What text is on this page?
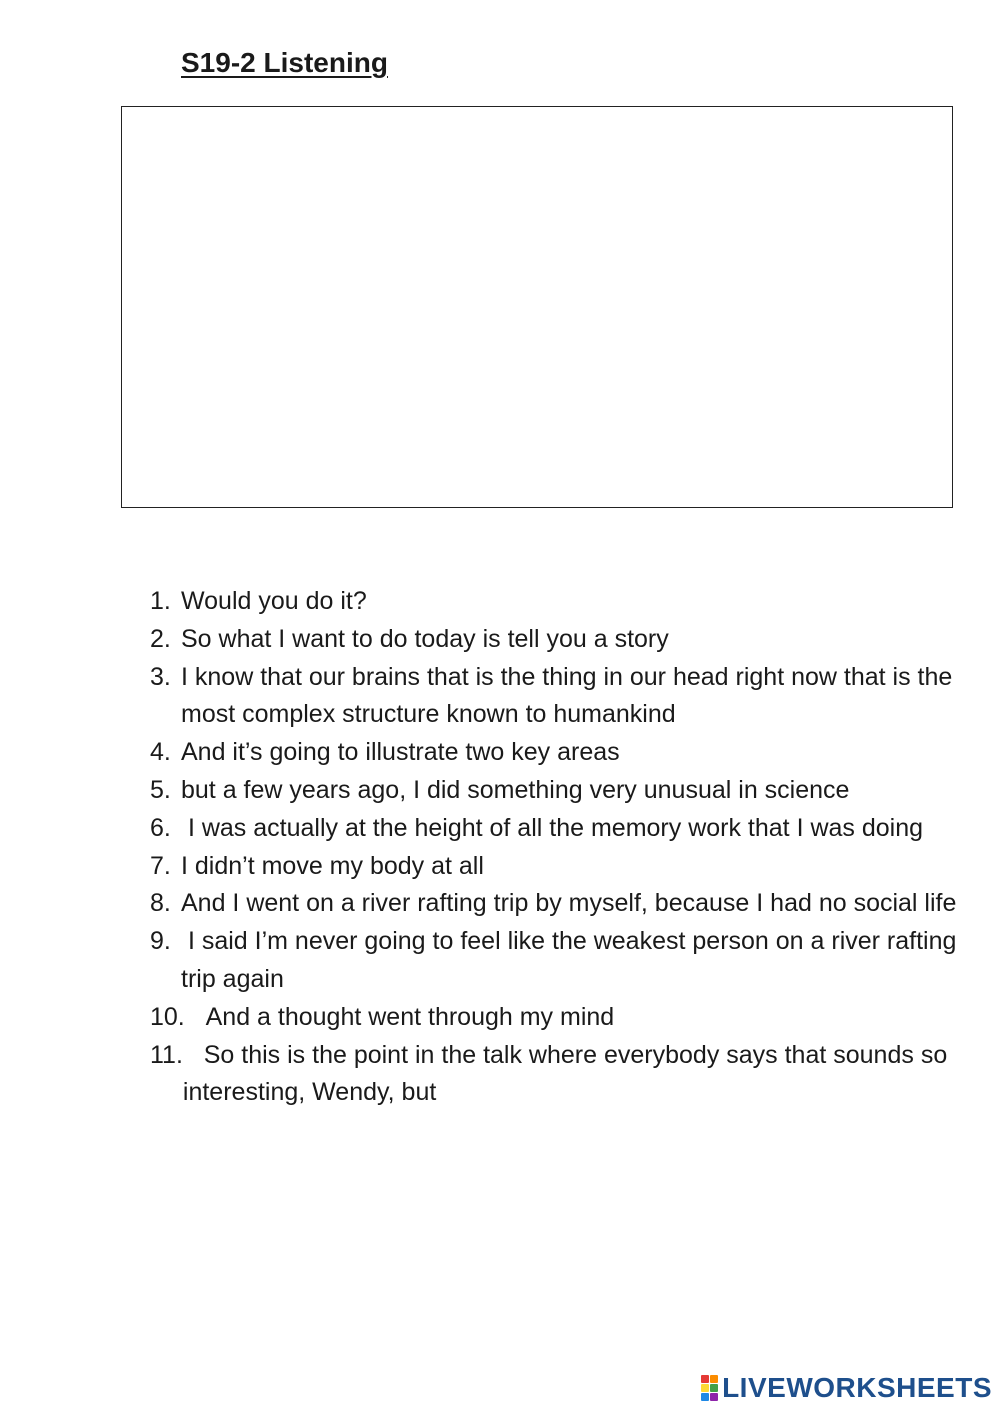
S19-2 Listening
1. Would you do it?
2. So what I want to do today is tell you a story
3. I know that our brains that is the thing in our head right now that is the most complex structure known to humankind
4. And it’s going to illustrate two key areas
5. but a few years ago, I did something very unusual in science
6. I was actually at the height of all the memory work that I was doing
7. I didn’t move my body at all
8. And I went on a river rafting trip by myself, because I had no social life
9. I said I’m never going to feel like the weakest person on a river rafting trip again
10. And a thought went through my mind
11. So this is the point in the talk where everybody says that sounds so interesting, Wendy, but
LIVEWORKSHEETS
